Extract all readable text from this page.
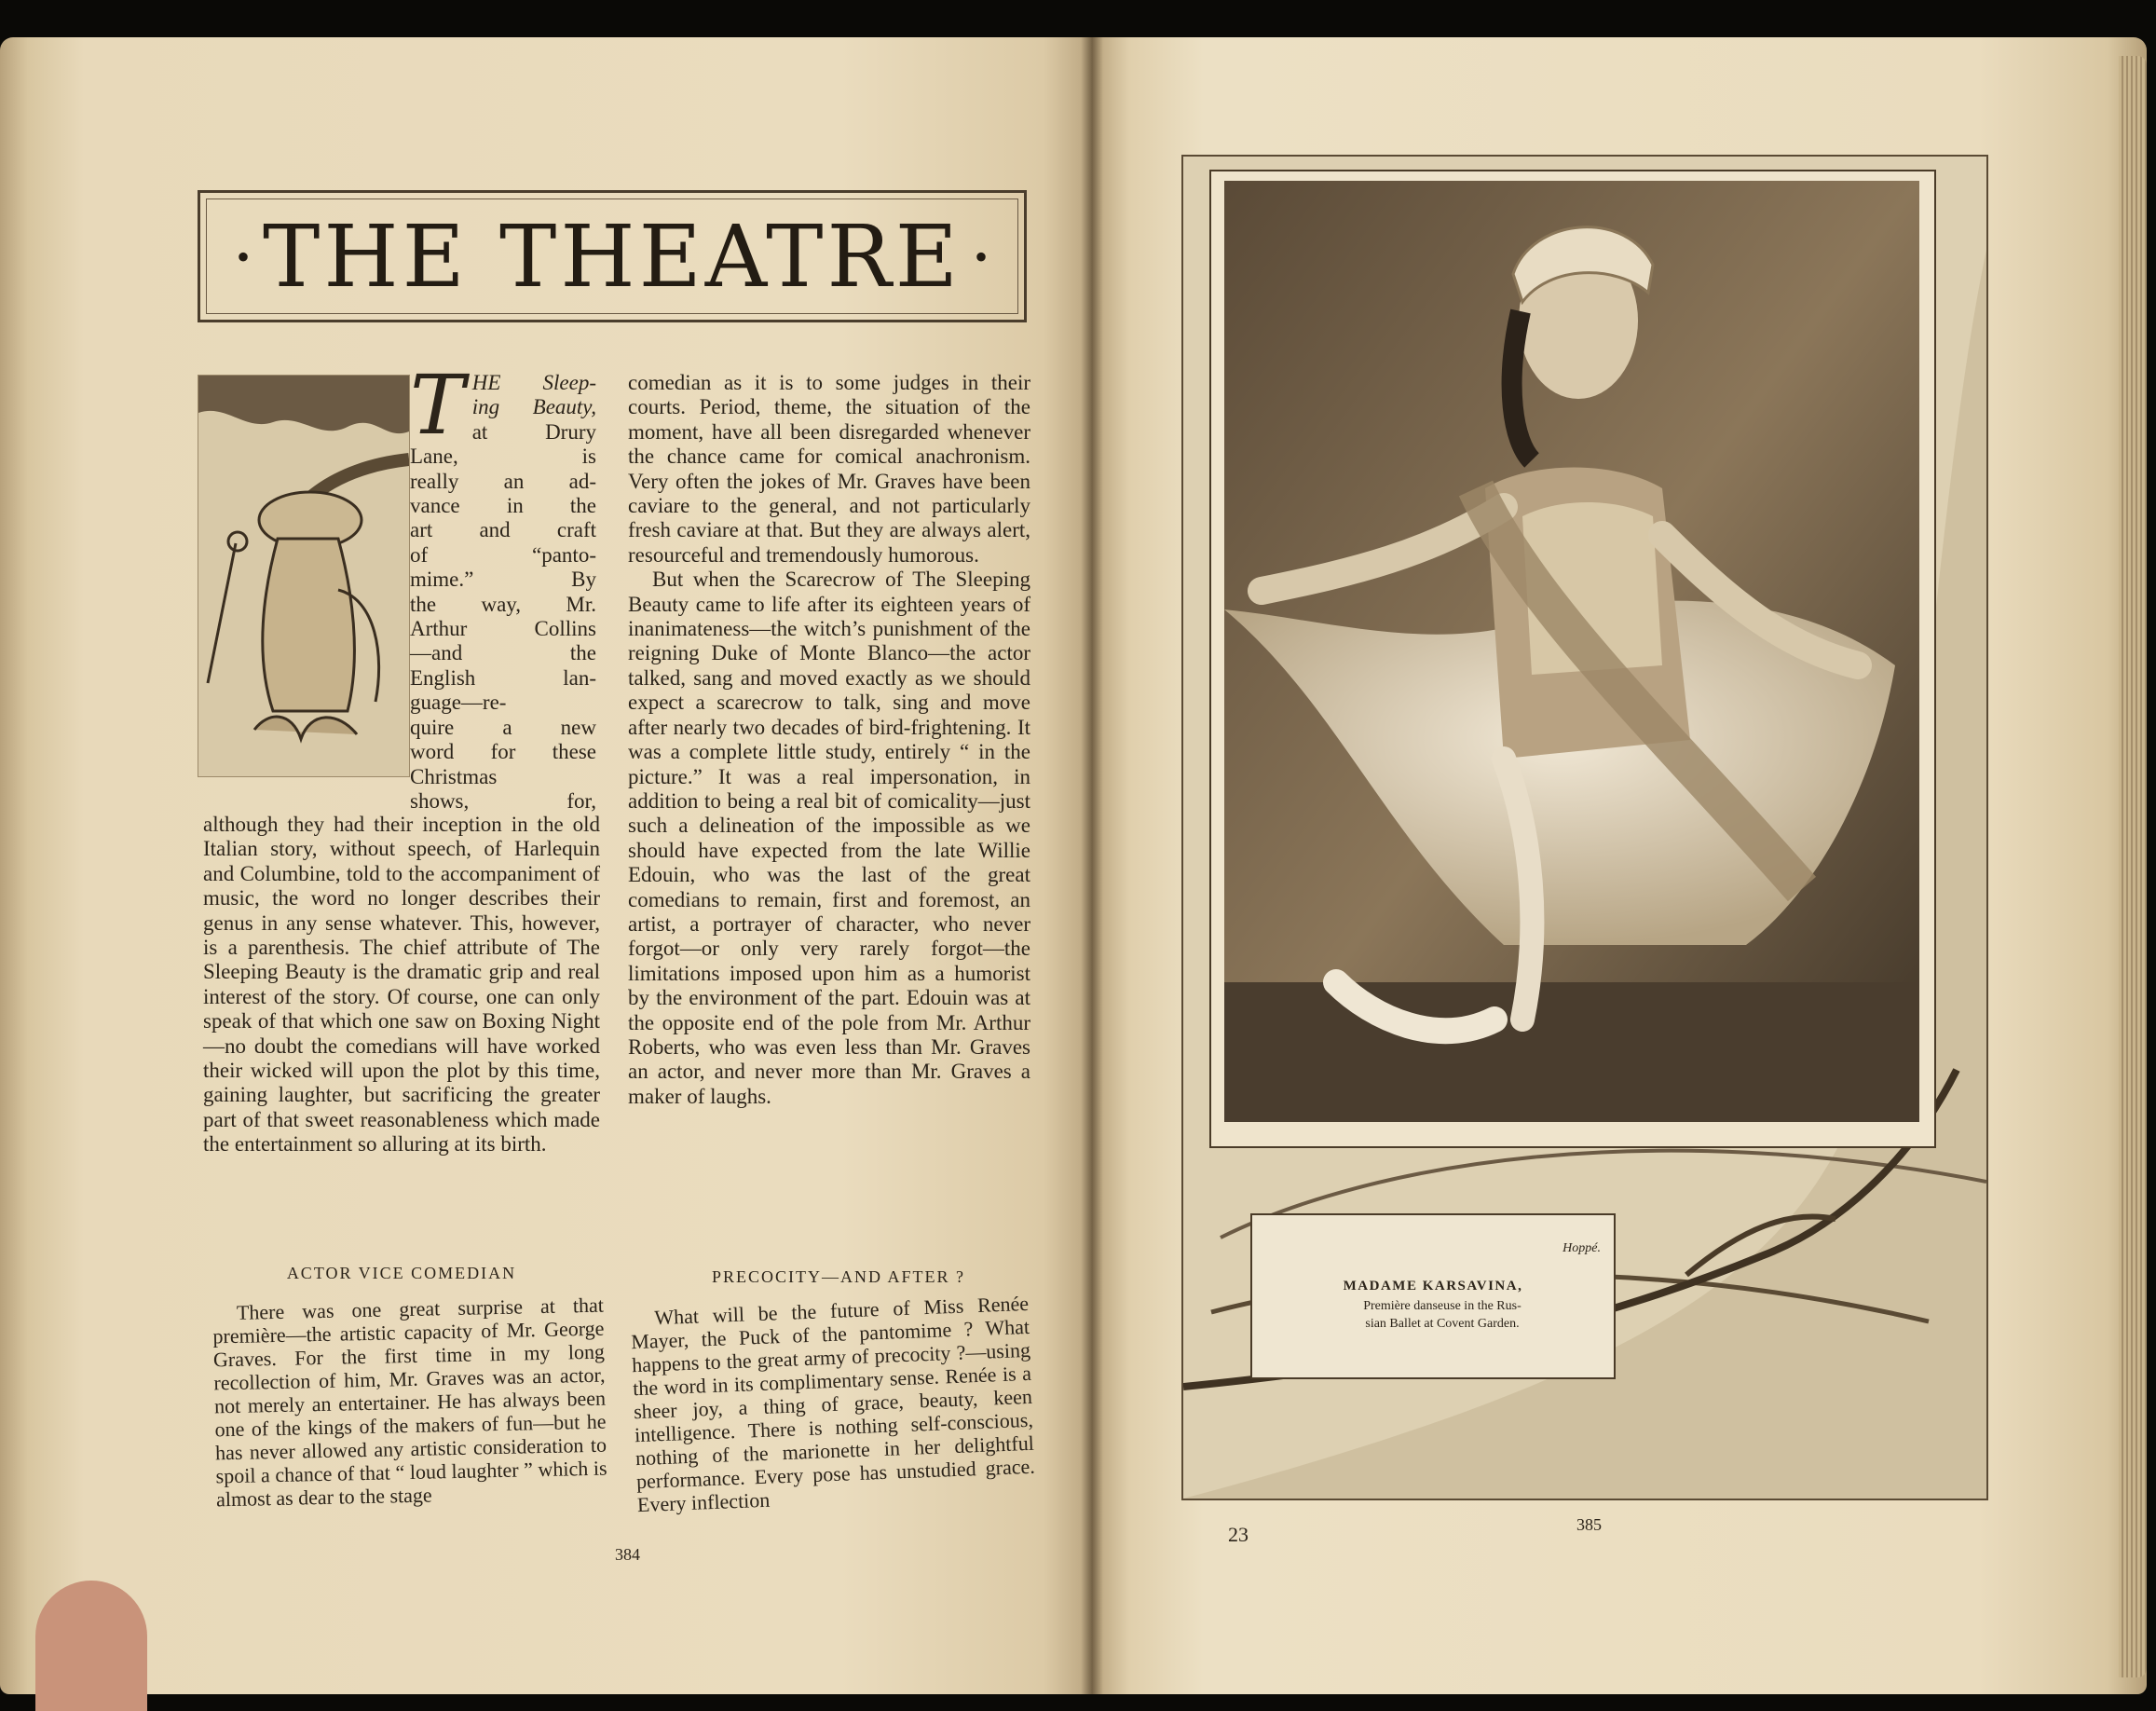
• THE THEATRE •
T HE Sleep-
ing Beauty,
at Drury
Lane, is
really an ad-
vance in the
art and craft
of “panto-
mime.” By
the way, Mr.
Arthur Collins
—and the
English lan-
guage—re-
quire a new
word for these
Christmas
shows, for,

although they had their inception in the old Italian story, without speech, of Harlequin and Columbine, told to the accompaniment of music, the word no longer describes their genus in any sense whatever. This, however, is a parenthesis. The chief attribute of The Sleeping Beauty is the dramatic grip and real interest of the story. Of course, one can only speak of that which one saw on Boxing Night—no doubt the comedians will have worked their wicked will upon the plot by this time, gaining laughter, but sacrificing the greater part of that sweet reasonableness which made the entertainment so alluring at its birth.

comedian as it is to some judges in their courts. Period, theme, the situation of the moment, have all been disregarded whenever the chance came for comical anachronism. Very often the jokes of Mr. Graves have been caviare to the general, and not particularly fresh caviare at that. But they are always alert, resourceful and tremendously humorous.

But when the Scarecrow of The Sleeping Beauty came to life after its eighteen years of inanimateness—the witch’s punishment of the reigning Duke of Monte Blanco—the actor talked, sang and moved exactly as we should expect a scarecrow to talk, sing and move after nearly two decades of bird-frightening. It was a complete little study, entirely “ in the picture.” It was a real impersonation, in addition to being a real bit of comicality—just such a delineation of the impossible as we should have expected from the late Willie Edouin, who was the last of the great comedians to remain, first and foremost, an artist, a portrayer of character, who never forgot—or only very rarely forgot—the limitations imposed upon him as a humorist by the environment of the part. Edouin was at the opposite end of the pole from Mr. Arthur Roberts, who was even less than Mr. Graves an actor, and never more than Mr. Graves a maker of laughs.

ACTOR VICE COMEDIAN

There was one great surprise at that première—the artistic capacity of Mr. George Graves. For the first time in my long recollection of him, Mr. Graves was an actor, not merely an entertainer. He has always been one of the kings of the makers of fun—but he has never allowed any artistic consideration to spoil a chance of that “ loud laughter ” which is almost as dear to the stage

PRECOCITY—AND AFTER ?

What will be the future of Miss Renée Mayer, the Puck of the pantomime ? What happens to the great army of precocity ?—using the word in its complimentary sense. Renée is a sheer joy, a thing of grace, beauty, keen intelligence. There is nothing self-conscious, nothing of the marionette in her delightful performance. Every pose has unstudied grace. Every inflection

384
Hoppé.
MADAME KARSAVINA,
Première danseuse in the Rus-
sian Ballet at Covent Garden.
23	385
